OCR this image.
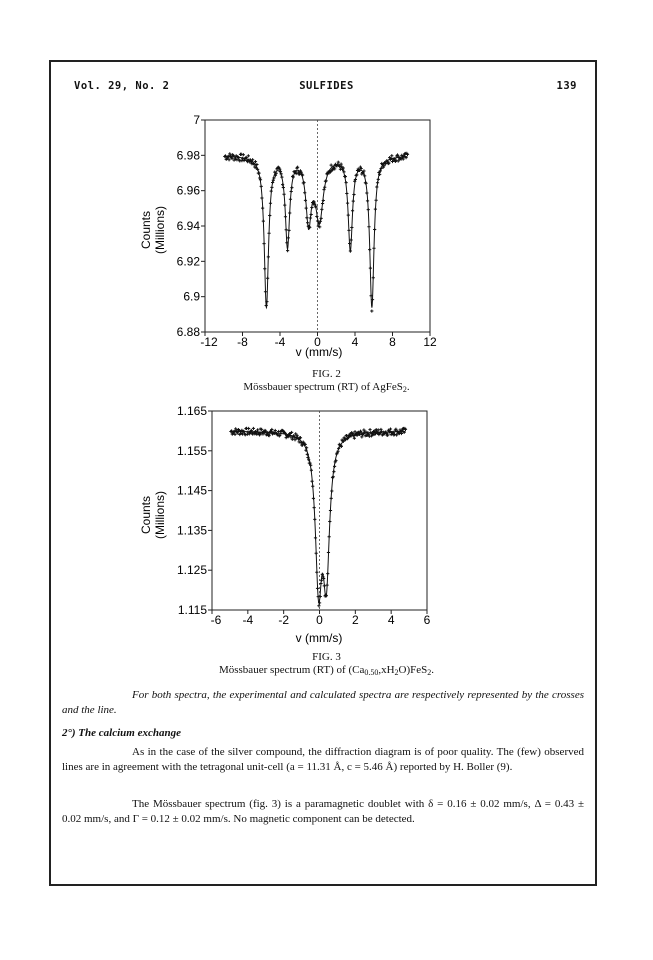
Vol. 29, No. 2	SULFIDES	139
Counts (Millions)
v (mm/s)
-12 -8 -4 0	4	8 12
7
6.98
6.96
6.94
6.92
6.9
6.88
FIG. 2
Mössbauer spectrum (RT) of AgFeS$_2$.
Counts (Millions)
v (mm/s)
-6 -4 -2 0 2 4 6
1.165
1.155
1.145
1.135
1.125
1.115
FIG. 3
Mössbauer spectrum (RT) of $(Ca_{0.50},xH_2O)FeS_2$.
For both spectra, the experimental and calculated spectra are respectively represented by the crosses and the line.
2°) The calcium exchange
As in the case of the silver compound, the diffraction diagram is of poor quality. The (few) observed lines are in agreement with the tetragonal unit-cell (a = 11.31 Å, c = 5.46 Å) reported by H. Boller (9).
The Mössbauer spectrum (fig. 3) is a paramagnetic doublet with δ = 0.16 ± 0.02 mm/s, Δ = 0.43 ± 0.02 mm/s, and Γ = 0.12 ± 0.02 mm/s. No magnetic component can be detected.
